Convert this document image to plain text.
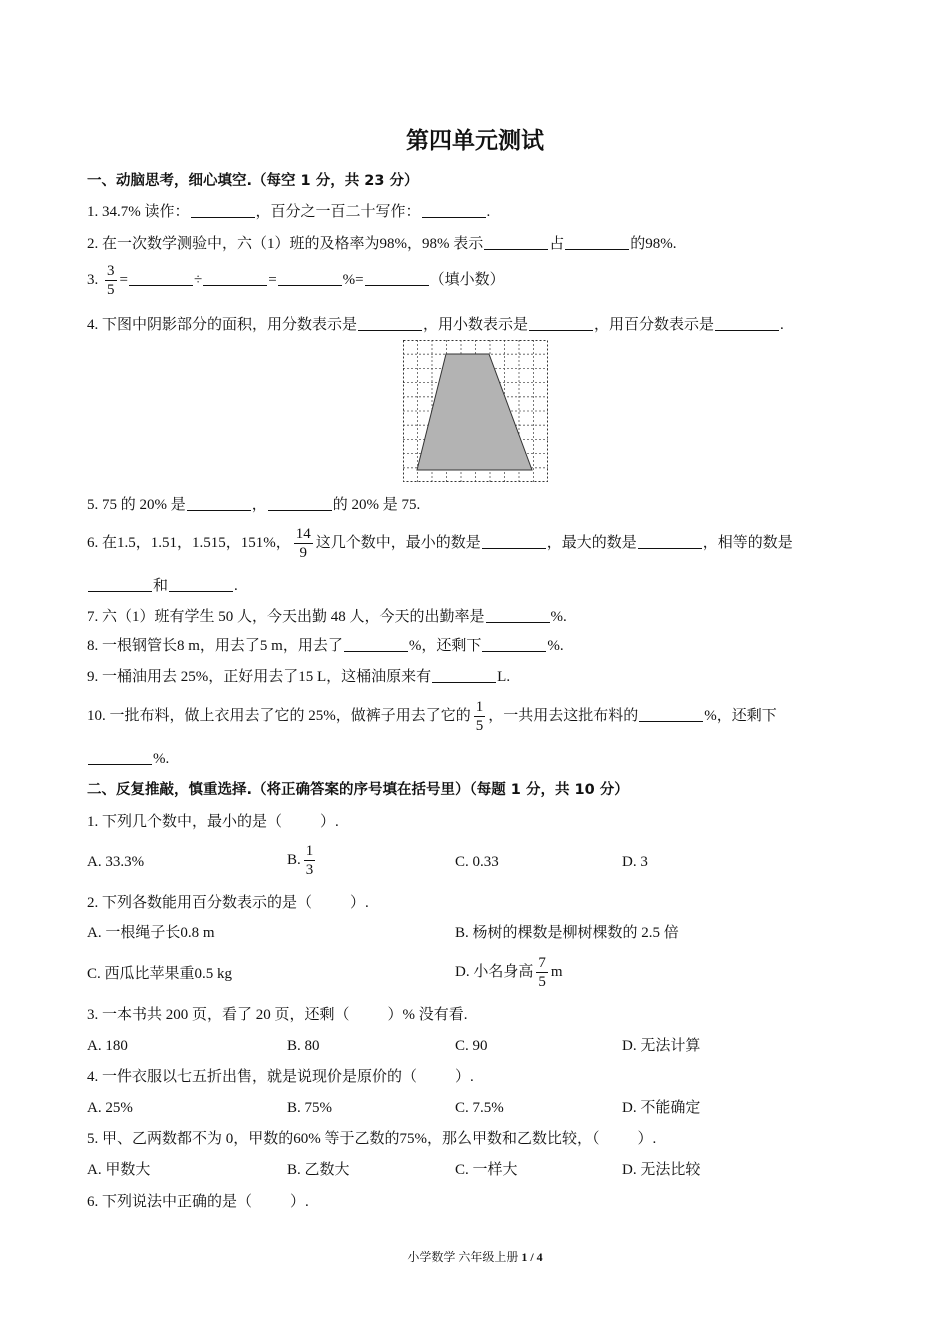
第四单元测试
一、动脑思考，细心填空.（每空 1 分，共 23 分）
1. 34.7% 读作：	，百分之一百二十写作：	.
2. 在一次数学测验中，六（1）班的及格率为98%，98% 表示	占	的98%.
3. $\frac{3}{5}$ =	÷	=	%=	（填小数）
4. 下图中阴影部分的面积，用分数表示是	，用小数表示是	，用百分数表示是	.
5. 75 的 20% 是	，	的 20% 是 75.
6. 在1.5，1.51，1.515，151%， $\frac{14}{9}$ 这几个数中，最小的数是	，最大的数是	，相等的数是
和	.
7. 六（1）班有学生 50 人，今天出勤 48 人，今天的出勤率是	%.
8. 一根钢管长8 m，用去了5 m，用去了	%，还剩下	%.
9. 一桶油用去 25%，正好用去了15 L，这桶油原来有	L.
10. 一批布料，做上衣用去了它的 25%，做裤子用去了它的 $\frac{1}{5}$ ，一共用去这批布料的	%，还剩下
%.
二、反复推敲，慎重选择.（将正确答案的序号填在括号里）（每题 1 分，共 10 分）
1. 下列几个数中，最小的是（	）.
A. 33.3%	B. $\frac{1}{3}$	C. 0.33	D. 3
2. 下列各数能用百分数表示的是（	）.
A. 一根绳子长0.8 m	B. 杨树的棵数是柳树棵数的 2.5 倍
C. 西瓜比苹果重0.5 kg	D. 小名身高 $\frac{7}{5}$ m
3. 一本书共 200 页，看了 20 页，还剩（	）% 没有看.
A. 180	B. 80	C. 90	D. 无法计算
4. 一件衣服以七五折出售，就是说现价是原价的（	）.
A. 25%	B. 75%	C. 7.5%	D. 不能确定
5. 甲、乙两数都不为 0，甲数的60% 等于乙数的75%，那么甲数和乙数比较，（	）.
A. 甲数大	B. 乙数大	C. 一样大	D. 无法比较
6. 下列说法中正确的是（	）.
小学数学 六年级上册 1 / 4
